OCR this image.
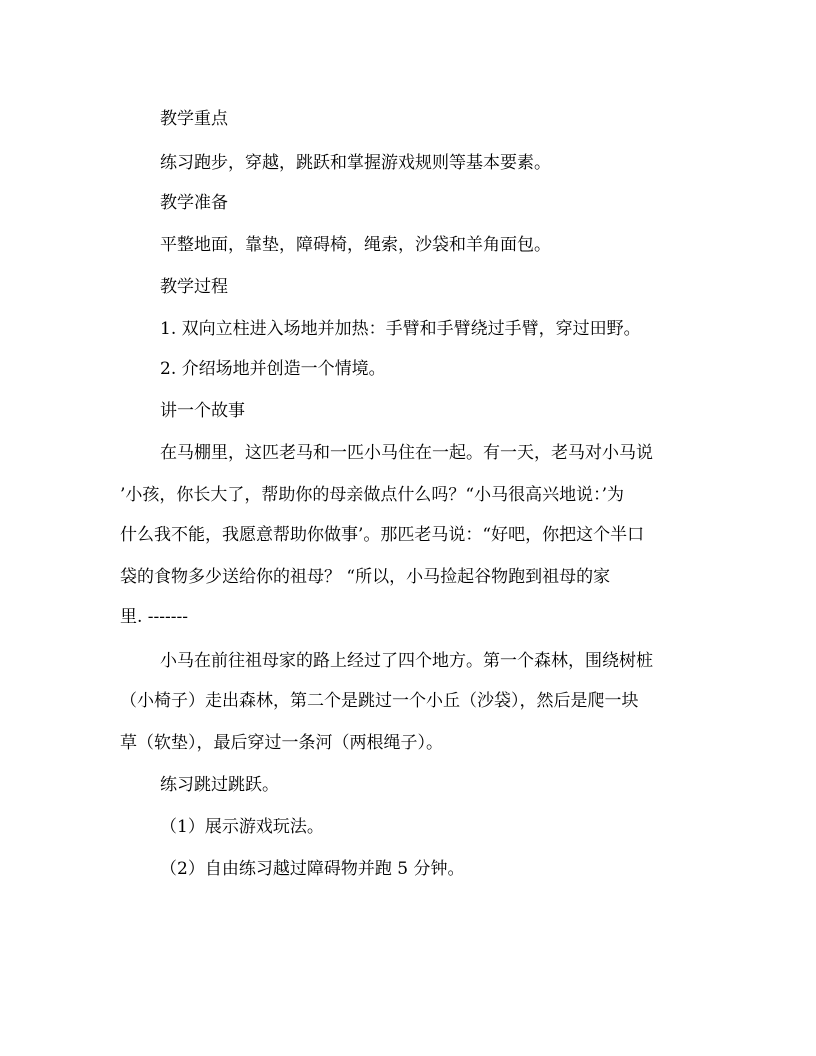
教学重点

练习跑步，穿越，跳跃和掌握游戏规则等基本要素。

教学准备

平整地面，靠垫，障碍椅，绳索，沙袋和羊角面包。

教学过程

1. 双向立柱进入场地并加热：手臂和手臂绕过手臂，穿过田野。

2. 介绍场地并创造一个情境。

讲一个故事

在马棚里，这匹老马和一匹小马住在一起。有一天，老马对小马说

’小孩，你长大了，帮助你的母亲做点什么吗？“小马很高兴地说：’为

什么我不能，我愿意帮助你做事’。那匹老马说：“好吧，你把这个半口

袋的食物多少送给你的祖母？ “所以，小马捡起谷物跑到祖母的家

里. -------

小马在前往祖母家的路上经过了四个地方。第一个森林，围绕树桩

（小椅子）走出森林，第二个是跳过一个小丘（沙袋），然后是爬一块

草（软垫），最后穿过一条河（两根绳子）。

练习跳过跳跃。

（1）展示游戏玩法。

（2）自由练习越过障碍物并跑 5 分钟。
